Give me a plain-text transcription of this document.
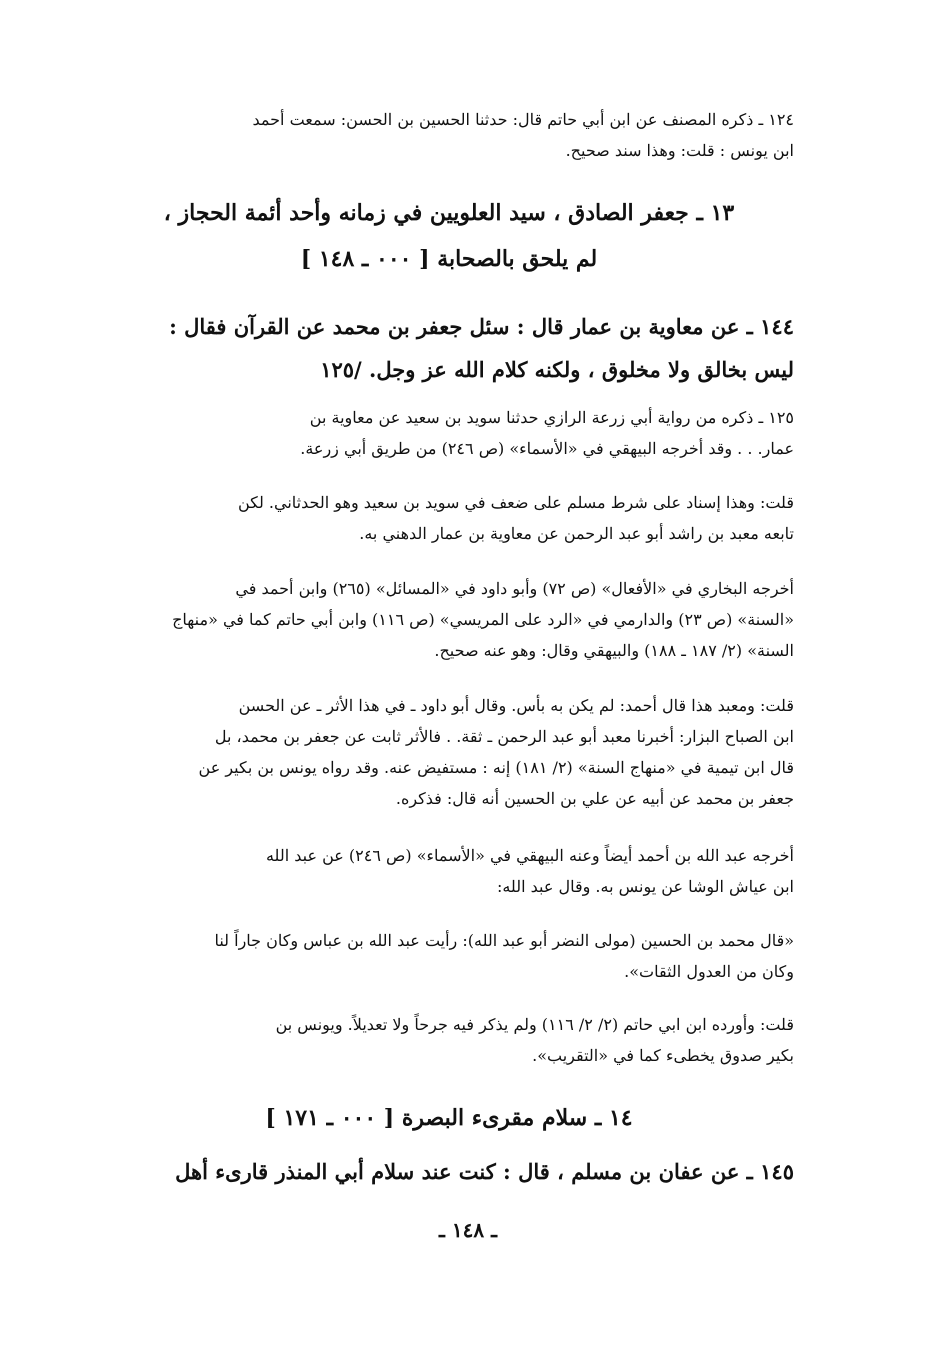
١٢٤ ـ ذكره المصنف عن ابن أبي حاتم قال: حدثنا الحسين بن الحسن: سمعت أحمد
ابن يونس : قلت: وهذا سند صحيح.
١٣ ـ جعفر الصادق ، سيد العلويين في زمانه وأحد أئمة الحجاز ،
لم يلحق بالصحابة [ ٠٠٠ ـ ١٤٨ ]
١٤٤ ـ عن معاوية بن عمار قال : سئل جعفر بن محمد عن القرآن فقال :
ليس بخالق ولا مخلوق ، ولكنه كلام الله عز وجل. /١٢٥
١٢٥ ـ ذكره من رواية أبي زرعة الرازي حدثنا سويد بن سعيد عن معاوية بن
عمار. . . وقد أخرجه البيهقي في «الأسماء» (ص ٢٤٦) من طريق أبي زرعة.
قلت: وهذا إسناد على شرط مسلم على ضعف في سويد بن سعيد وهو الحدثاني. لكن
تابعه معبد بن راشد أبو عبد الرحمن عن معاوية بن عمار الدهني به.
أخرجه البخاري في «الأفعال» (ص ٧٢) وأبو داود في «المسائل» (٢٦٥) وابن أحمد في
«السنة» (ص ٢٣) والدارمي في «الرد على المريسي» (ص ١١٦) وابن أبي حاتم كما في «منهاج
السنة» (٢/ ١٨٧ ـ ١٨٨) والبيهقي وقال: وهو عنه صحيح.
قلت: ومعبد هذا قال أحمد: لم يكن به بأس. وقال أبو داود ـ في هذا الأثر ـ عن الحسن
ابن الصباح البزار: أخبرنا معبد أبو عبد الرحمن ـ ثقة. . فالأثر ثابت عن جعفر بن محمد، بل
قال ابن تيمية في «منهاج السنة» (٢/ ١٨١) إنه : مستفيض عنه. وقد رواه يونس بن بكير عن
جعفر بن محمد عن أبيه عن علي بن الحسين أنه قال: فذكره.
أخرجه عبد الله بن أحمد أيضاً وعنه البيهقي في «الأسماء» (ص ٢٤٦) عن عبد الله
ابن عياش الوشا عن يونس به. وقال عبد الله:
«قال محمد بن الحسين (مولى النضر أبو عبد الله): رأيت عبد الله بن عباس وكان جاراً لنا
وكان من العدول الثقات».
قلت: وأورده ابن ابي حاتم (٢/ ٢/ ١١٦) ولم يذكر فيه جرحاً ولا تعديلاً. ويونس بن
بكير صدوق يخطىء كما في «التقريب».
١٤ ـ سلام مقرىء البصرة [ ٠٠٠ ـ ١٧١ ]
١٤٥ ـ عن عفان بن مسلم ، قال : كنت عند سلام أبي المنذر قارىء أهل
ـ ١٤٨ ـ
